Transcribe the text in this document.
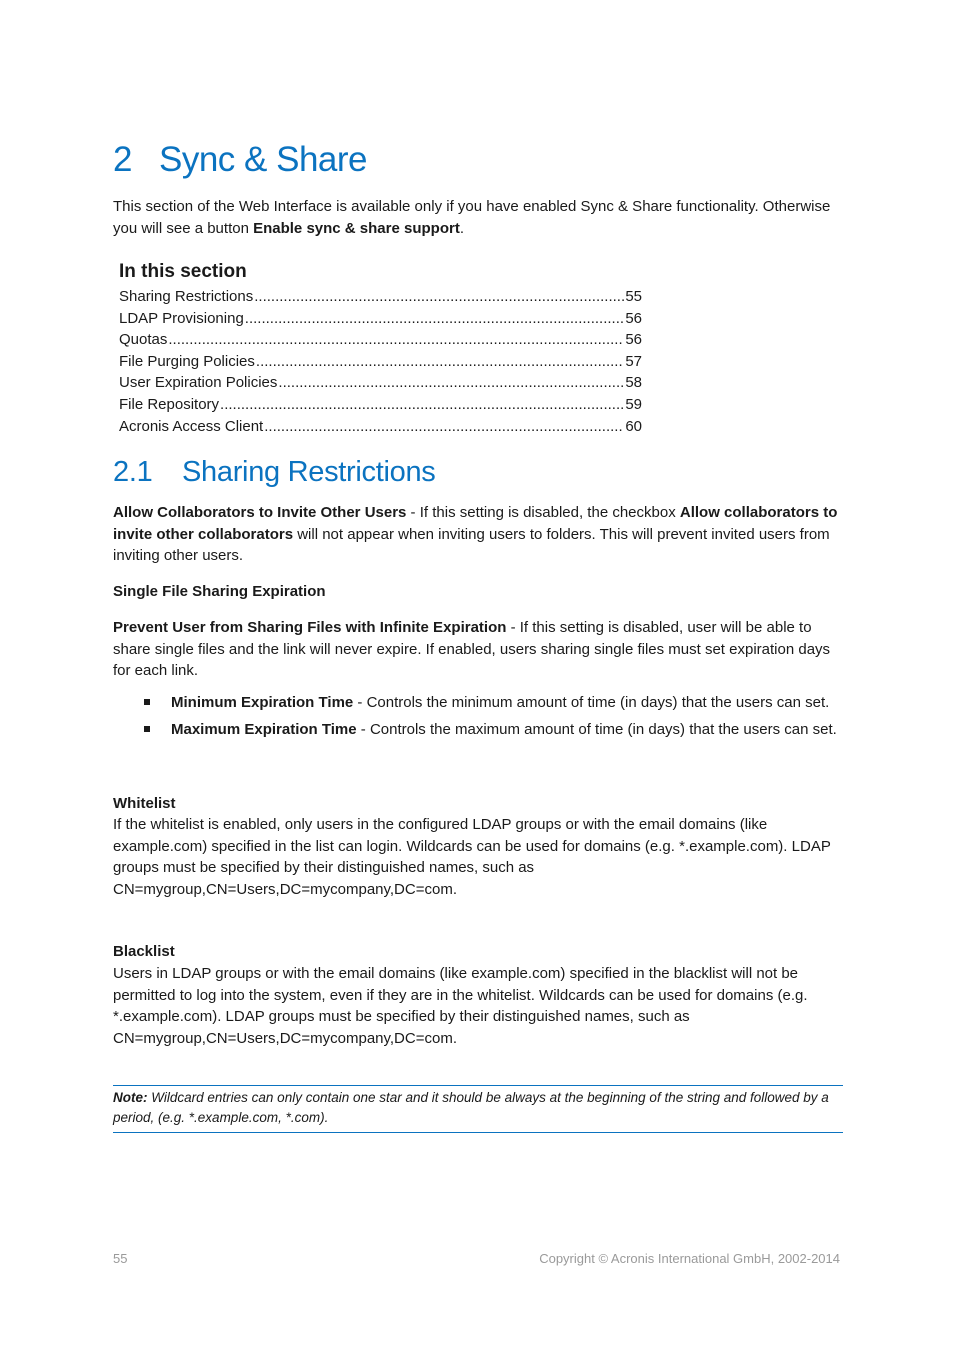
2 Sync & Share

This section of the Web Interface is available only if you have enabled Sync & Share functionality. Otherwise you will see a button Enable sync & share support.

In this section
Sharing Restrictions .....	55
LDAP Provisioning .....	56
Quotas .....	56
File Purging Policies .....	57
User Expiration Policies .....	58
File Repository .....	59
Acronis Access Client .....	60
2.1 Sharing Restrictions

Allow Collaborators to Invite Other Users - If this setting is disabled, the checkbox Allow collaborators to invite other collaborators will not appear when inviting users to folders. This will prevent invited users from inviting other users.

Single File Sharing Expiration

Prevent User from Sharing Files with Infinite Expiration - If this setting is disabled, user will be able to share single files and the link will never expire. If enabled, users sharing single files must set expiration days for each link.

Minimum Expiration Time - Controls the minimum amount of time (in days) that the users can set.
Maximum Expiration Time - Controls the maximum amount of time (in days) that the users can set.

Whitelist

If the whitelist is enabled, only users in the configured LDAP groups or with the email domains (like example.com) specified in the list can login. Wildcards can be used for domains (e.g. *.example.com). LDAP groups must be specified by their distinguished names, such as CN=mygroup,CN=Users,DC=mycompany,DC=com.

Blacklist

Users in LDAP groups or with the email domains (like example.com) specified in the blacklist will not be permitted to log into the system, even if they are in the whitelist. Wildcards can be used for domains (e.g. *.example.com). LDAP groups must be specified by their distinguished names, such as CN=mygroup,CN=Users,DC=mycompany,DC=com.

Note: Wildcard entries can only contain one star and it should be always at the beginning of the string and followed by a period, (e.g. *.example.com, *.com).
55	Copyright © Acronis International GmbH, 2002-2014
